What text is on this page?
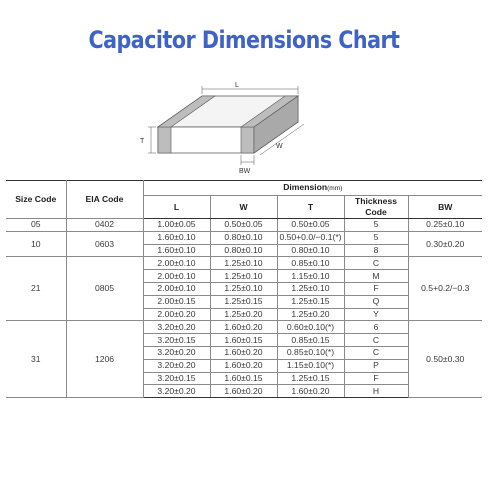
Capacitor Dimensions Chart
L
T
W
BW
Size Code	EIA Code	Dimension(mm)				
		L	W	T	Thickness Code	BW
05	0402	1.00±0.05	0.50±0.05	0.50±0.05	5	0.25±0.10
10	0603	1.60±0.10	0.80±0.10	0.50+0.0/−0.1(*)	5	0.30±0.20
		1.60±0.10	0.80±0.10	0.80±0.10	8	
21	0805	2.00±0.10	1.25±0.10	0.85±0.10	C	0.5+0.2/−0.3
		2.00±0.10	1.25±0.10	1.15±0.10	M	
		2.00±0.10	1.25±0.10	1.25±0.10	F	
		2.00±0.15	1.25±0.15	1.25±0.15	Q	
		2.00±0.20	1.25±0.20	1.25±0.20	Y	
31	1206	3.20±0.20	1.60±0.20	0.60±0.10(*)	6	0.50±0.30
		3.20±0.15	1.60±0.15	0.85±0.15	C	
		3.20±0.20	1.60±0.20	0.85±0.10(*)	C	
		3.20±0.20	1.60±0.20	1.15±0.10(*)	P	
		3.20±0.15	1.60±0.15	1.25±0.15	F	
		3.20±0.20	1.60±0.20	1.60±0.20	H	
